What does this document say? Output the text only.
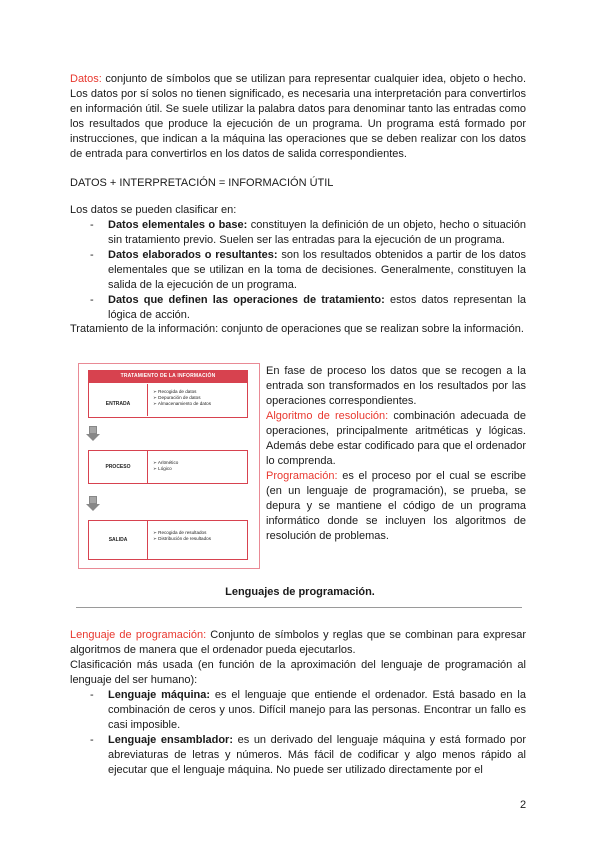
Datos: conjunto de símbolos que se utilizan para representar cualquier idea, objeto o hecho. Los datos por sí solos no tienen significado, es necesaria una interpretación para convertirlos en información útil. Se suele utilizar la palabra datos para denominar tanto las entradas como los resultados que produce la ejecución de un programa. Un programa está formado por instrucciones, que indican a la máquina las operaciones que se deben realizar con los datos de entrada para convertirlos en los datos de salida correspondientes.

DATOS + INTERPRETACIÓN = INFORMACIÓN ÚTIL

Los datos se pueden clasificar en:

- Datos elementales o base: constituyen la definición de un objeto, hecho o situación sin tratamiento previo. Suelen ser las entradas para la ejecución de un programa.

- Datos elaborados o resultantes: son los resultados obtenidos a partir de los datos elementales que se utilizan en la toma de decisiones. Generalmente, constituyen la salida de la ejecución de un programa.

- Datos que definen las operaciones de tratamiento: estos datos representan la lógica de acción.

Tratamiento de la información: conjunto de operaciones que se realizan sobre la información.

TRATAMIENTO DE LA INFORMACIÓN
ENTRADA
➢ Recogida de datos
➢ Depuración de datos
➢ Almacenamiento de datos
PROCESO
➢ Aritmético
➢ Lógico
SALIDA
➢ Recogida de resultados
➢ Distribución de resultados

En fase de proceso los datos que se recogen a la entrada son transformados en los resultados por las operaciones correspondientes.

Algoritmo de resolución: combinación adecuada de operaciones, principalmente aritméticas y lógicas. Además debe estar codificado para que el ordenador lo comprenda.

Programación: es el proceso por el cual se escribe (en un lenguaje de programación), se prueba, se depura y se mantiene el código de un programa informático donde se incluyen los algoritmos de resolución de problemas.

Lenguajes de programación.

Lenguaje de programación: Conjunto de símbolos y reglas que se combinan para expresar algoritmos de manera que el ordenador pueda ejecutarlos.

Clasificación más usada (en función de la aproximación del lenguaje de programación al lenguaje del ser humano):

- Lenguaje máquina: es el lenguaje que entiende el ordenador. Está basado en la combinación de ceros y unos. Difícil manejo para las personas. Encontrar un fallo es casi imposible.

- Lenguaje ensamblador: es un derivado del lenguaje máquina y está formado por abreviaturas de letras y números. Más fácil de codificar y algo menos rápido al ejecutar que el lenguaje máquina. No puede ser utilizado directamente por el

2
